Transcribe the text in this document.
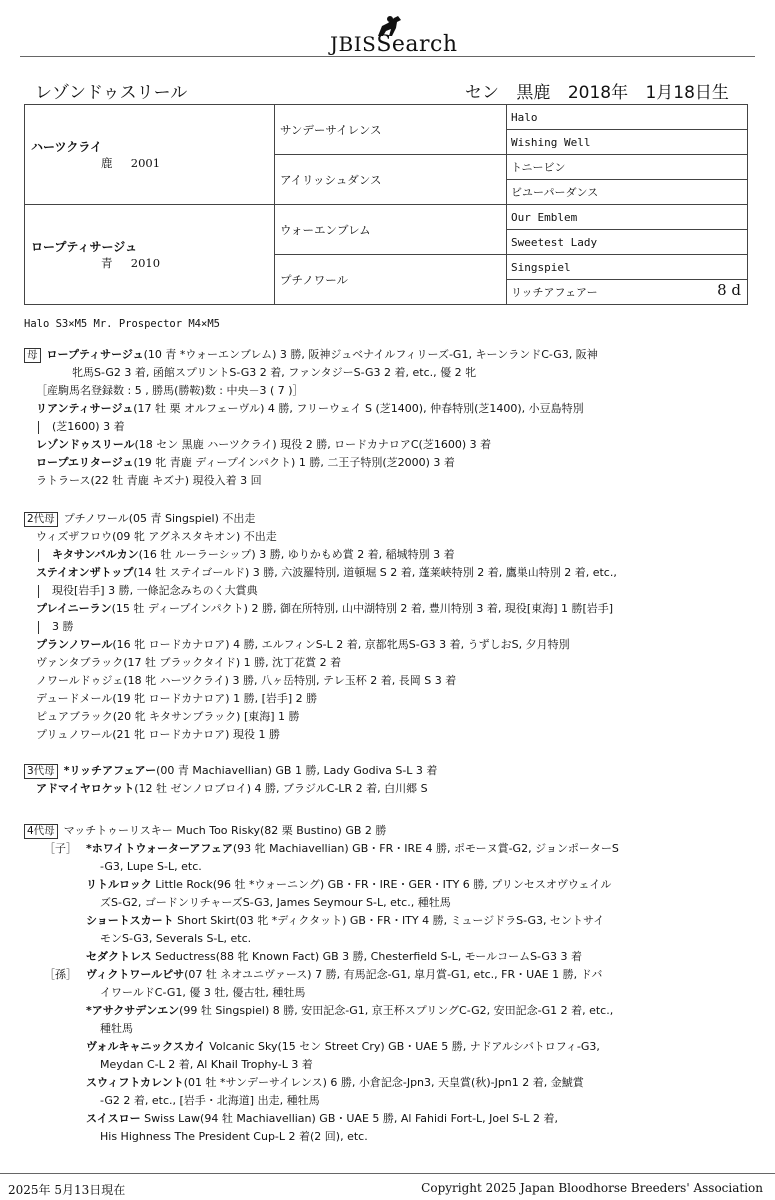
JBISSearch
レゾンドゥスリール	セン 黒鹿 2018年 1月18日生
ハーツクライ
鹿 2001	サンデーサイレンス	Halo
		Wishing Well
	アイリッシュダンス	トニービン
		ビユーパーダンス

ロープティサージュ
青 2010	ウォーエンブレム	Our Emblem
		Sweetest Lady
	プチノワール	Singspiel
		リッチアフェアー 8 d
Halo S3×M5 Mr. Prospector M4×M5
母 ロープティサージュ(10 青 *ウォーエンブレム) 3 勝, 阪神ジュベナイルフィリーズ-G1, キーンランドC-G3, 阪神
牝馬S-G2 3 着, 函館スプリントS-G3 2 着, ファンタジーS-G3 2 着, etc., 優 2 牝
［産駒馬名登録数 : 5 , 勝馬(勝鞍)数 : 中央－3 ( 7 )］
リアンティサージュ(17 牡 栗 オルフェーヴル) 4 勝, フリーウェイ S (芝1400), 仲春特別(芝1400), 小豆島特別
(芝1600) 3 着
レゾンドゥスリール(18 セン 黒鹿 ハーツクライ) 現役 2 勝, ロードカナロアC(芝1600) 3 着
ロープエリタージュ(19 牝 青鹿 ディープインパクト) 1 勝, 二王子特別(芝2000) 3 着
ラトラース(22 牡 青鹿 キズナ) 現役入着 3 回
2代母 プチノワール(05 青 Singspiel) 不出走
ウィズザフロウ(09 牝 アグネスタキオン) 不出走
キタサンバルカン(16 牡 ルーラーシップ) 3 勝, ゆりかもめ賞 2 着, 稲城特別 3 着
ステイオンザトップ(14 牡 ステイゴールド) 3 勝, 六波羅特別, 道頓堀 S 2 着, 蓬莱峡特別 2 着, 鷹巣山特別 2 着, etc.,
現役[岩手] 3 勝, 一條記念みちのく大賞典
プレイニーラン(15 牡 ディープインパクト) 2 勝, 御在所特別, 山中湖特別 2 着, 豊川特別 3 着, 現役[東海] 1 勝[岩手]
3 勝
プランノワール(16 牝 ロードカナロア) 4 勝, エルフィンS-L 2 着, 京都牝馬S-G3 3 着, うずしおS, 夕月特別
ヴァンタブラック(17 牡 ブラックタイド) 1 勝, 沈丁花賞 2 着
ノワールドゥジェ(18 牝 ハーツクライ) 3 勝, 八ヶ岳特別, テレ玉杯 2 着, 長岡 S 3 着
デュードメール(19 牝 ロードカナロア) 1 勝, [岩手] 2 勝
ピュアブラック(20 牝 キタサンブラック) [東海] 1 勝
プリュノワール(21 牝 ロードカナロア) 現役 1 勝
3代母 *リッチアフェアー(00 青 Machiavellian) GB 1 勝, Lady Godiva S-L 3 着
アドマイヤロケット(12 牡 ゼンノロブロイ) 4 勝, ブラジルC-LR 2 着, 白川郷 S
4代母 マッチトゥーリスキー Much Too Risky(82 栗 Bustino) GB 2 勝
［子］ *ホワイトウォーターアフェア(93 牝 Machiavellian) GB・FR・IRE 4 勝, ポモーヌ賞-G2, ジョンポーターS
-G3, Lupe S-L, etc.
リトルロック Little Rock(96 牡 *ウォーニング) GB・FR・IRE・GER・ITY 6 勝, プリンセスオヴウェイル
ズS-G2, ゴードンリチャーズS-G3, James Seymour S-L, etc., 種牡馬
ショートスカート Short Skirt(03 牝 *ディクタット) GB・FR・ITY 4 勝, ミュージドラS-G3, セントサイ
モンS-G3, Severals S-L, etc.
セダクトレス Seductress(88 牝 Known Fact) GB 3 勝, Chesterfield S-L, モールコームS-G3 3 着
［孫］ ヴィクトワールピサ(07 牡 ネオユニヴァース) 7 勝, 有馬記念-G1, 皐月賞-G1, etc., FR・UAE 1 勝, ドバ
イワールドC-G1, 優 3 牡, 優古牡, 種牡馬
*アサクサデンエン(99 牡 Singspiel) 8 勝, 安田記念-G1, 京王杯スプリングC-G2, 安田記念-G1 2 着, etc.,
種牡馬
ヴォルキャニックスカイ Volcanic Sky(15 セン Street Cry) GB・UAE 5 勝, ナドアルシバトロフィ-G3,
Meydan C-L 2 着, Al Khail Trophy-L 3 着
スウィフトカレント(01 牡 *サンデーサイレンス) 6 勝, 小倉記念-Jpn3, 天皇賞(秋)-Jpn1 2 着, 金鯱賞
-G2 2 着, etc., [岩手・北海道] 出走, 種牡馬
スイスロー Swiss Law(94 牡 Machiavellian) GB・UAE 5 勝, Al Fahidi Fort-L, Joel S-L 2 着,
His Highness The President Cup-L 2 着(2 回), etc.
2025年 5月13日現在	Copyright 2025 Japan Bloodhorse Breeders' Association
